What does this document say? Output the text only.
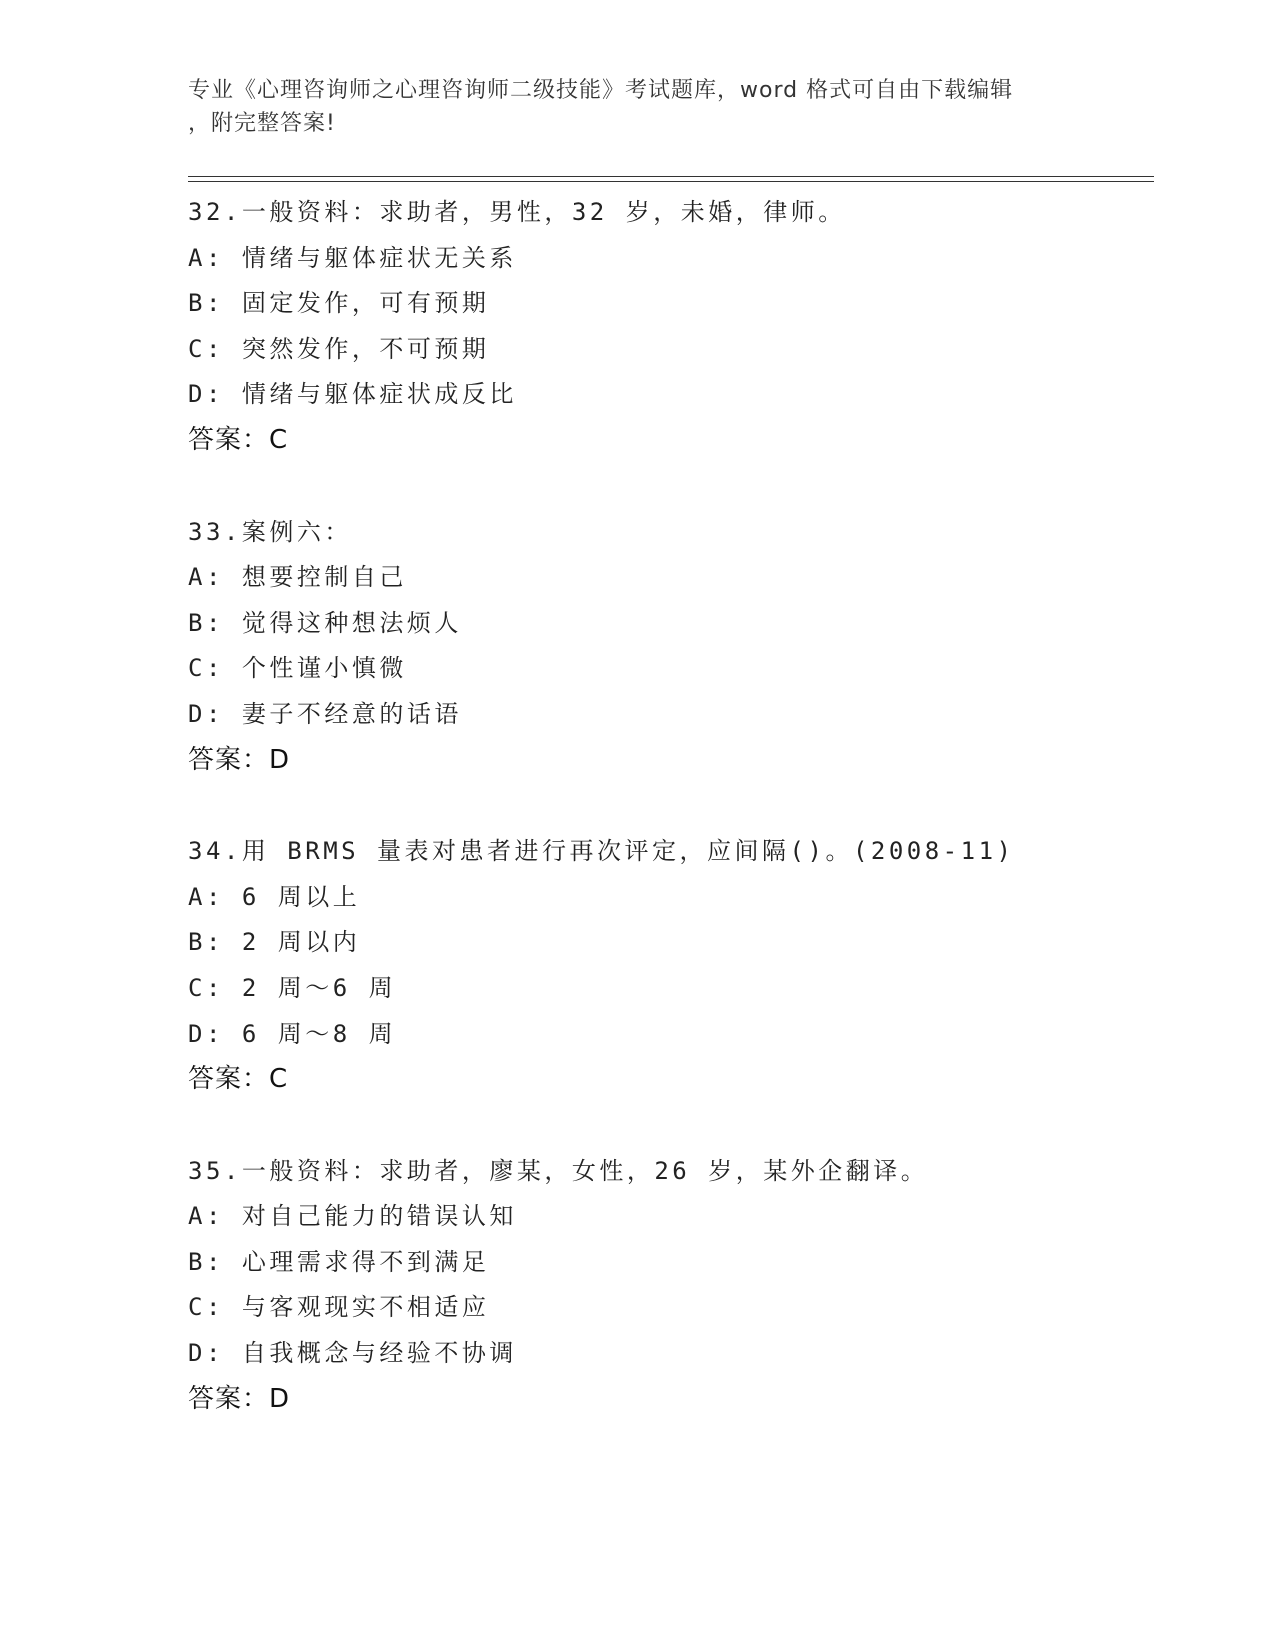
专业《心理咨询师之心理咨询师二级技能》考试题库，word 格式可自由下载编辑
，附完整答案!
32.一般资料：求助者，男性，32 岁，未婚，律师。
A: 情绪与躯体症状无关系
B: 固定发作，可有预期
C: 突然发作，不可预期
D: 情绪与躯体症状成反比
答案：C
33.案例六：
A: 想要控制自己
B: 觉得这种想法烦人
C: 个性谨小慎微
D: 妻子不经意的话语
答案：D
34.用 BRMS 量表对患者进行再次评定，应间隔()。(2008-11)
A: 6 周以上
B: 2 周以内
C: 2 周～6 周
D: 6 周～8 周
答案：C
35.一般资料：求助者，廖某，女性，26 岁，某外企翻译。
A: 对自己能力的错误认知
B: 心理需求得不到满足
C: 与客观现实不相适应
D: 自我概念与经验不协调
答案：D
